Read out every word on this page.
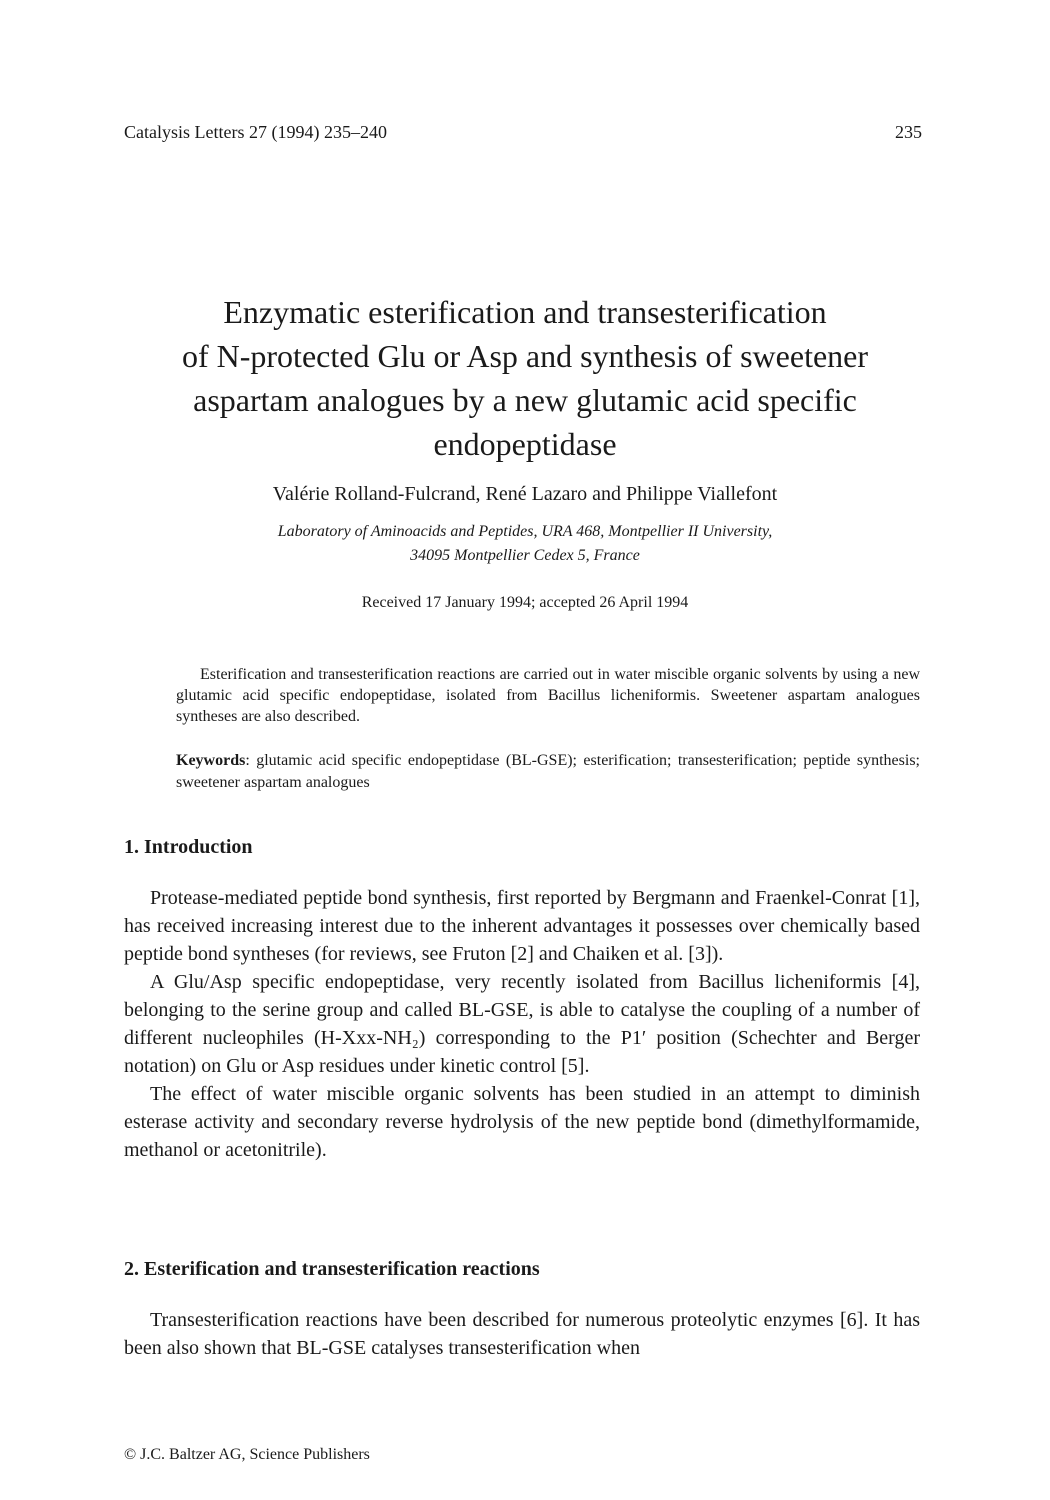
Catalysis Letters 27 (1994) 235–240	235
Enzymatic esterification and transesterification
of N-protected Glu or Asp and synthesis of sweetener
aspartam analogues by a new glutamic acid specific
endopeptidase
Valérie Rolland-Fulcrand, René Lazaro and Philippe Viallefont
Laboratory of Aminoacids and Peptides, URA 468, Montpellier II University,
34095 Montpellier Cedex 5, France
Received 17 January 1994; accepted 26 April 1994

Esterification and transesterification reactions are carried out in water miscible organic solvents by using a new glutamic acid specific endopeptidase, isolated from Bacillus licheniformis. Sweetener aspartam analogues syntheses are also described.

Keywords: glutamic acid specific endopeptidase (BL-GSE); esterification; transesterification; peptide synthesis; sweetener aspartam analogues

1. Introduction
Protease-mediated peptide bond synthesis, first reported by Bergmann and Fraenkel-Conrat [1], has received increasing interest due to the inherent advantages it possesses over chemically based peptide bond syntheses (for reviews, see Fruton [2] and Chaiken et al. [3]).
A Glu/Asp specific endopeptidase, very recently isolated from Bacillus licheniformis [4], belonging to the serine group and called BL-GSE, is able to catalyse the coupling of a number of different nucleophiles (H-Xxx-NH₂) corresponding to the P1′ position (Schechter and Berger notation) on Glu or Asp residues under kinetic control [5].
The effect of water miscible organic solvents has been studied in an attempt to diminish esterase activity and secondary reverse hydrolysis of the new peptide bond (dimethylformamide, methanol or acetonitrile).
2. Esterification and transesterification reactions
Transesterification reactions have been described for numerous proteolytic enzymes [6]. It has been also shown that BL-GSE catalyses transesterification when
© J.C. Baltzer AG, Science Publishers
